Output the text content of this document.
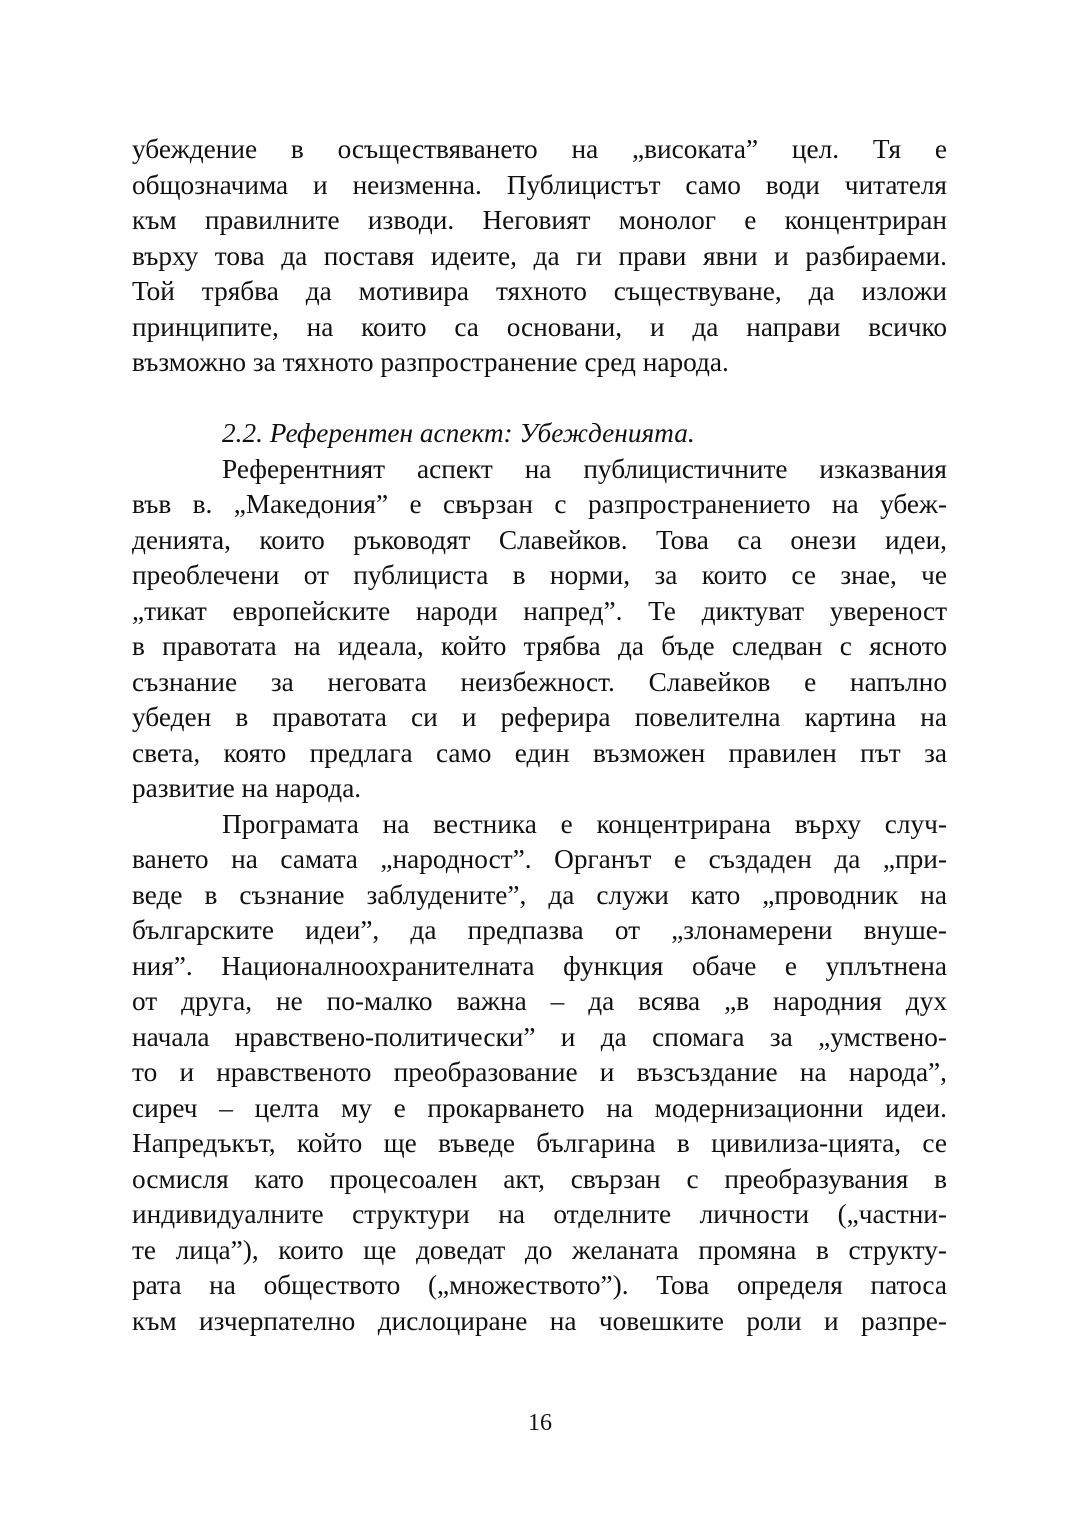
убеждение в осъществяването на „високата” цел. Тя е
общозначима и неизменна. Публицистът само води читателя
към правилните изводи. Неговият монолог е концентриран
върху това да поставя идеите, да ги прави явни и разбираеми.
Той трябва да мотивира тяхното съществуване, да изложи
принципите, на които са основани, и да направи всичко
възможно за тяхното разпространение сред народа.
2.2. Референтен аспект: Убежденията.
Референтният аспект на публицистичните изказвания
във в. „Македония” е свързан с разпространението на убеж-
денията, които ръководят Славейков. Това са онези идеи,
преоблечени от публициста в норми, за които се знае, че
„тикат европейските народи напред”. Те диктуват увереност
в правотата на идеала, който трябва да бъде следван с ясното
съзнание за неговата неизбежност. Славейков е напълно
убеден в правотата си и реферира повелителна картина на
света, която предлага само един възможен правилен път за
развитие на народа.
Програмата на вестника е концентрирана върху случ-
ването на самата „народност”. Органът е създаден да „при-
веде в съзнание заблудените”, да служи като „проводник на
българските идеи”, да предпазва от „злонамерени внуше-
ния”. Националноохранителната функция обаче е уплътнена
от друга, не по-малко важна – да всява „в народния дух
начала нравствено-политически” и да спомага за „умствено-
то и нравственото преобразование и възсъздание на народа”,
сиреч – целта му е прокарването на модернизационни идеи.
Напредъкът, който ще въведе българина в цивилиза-цията, се
осмисля като процесоален акт, свързан с преобразувания в
индивидуалните структури на отделните личности („частни-
те лица”), които ще доведат до желаната промяна в структу-
рата на обществото („множеството”). Това определя патоса
към изчерпателно дислоциране на човешките роли и разпре-
16
